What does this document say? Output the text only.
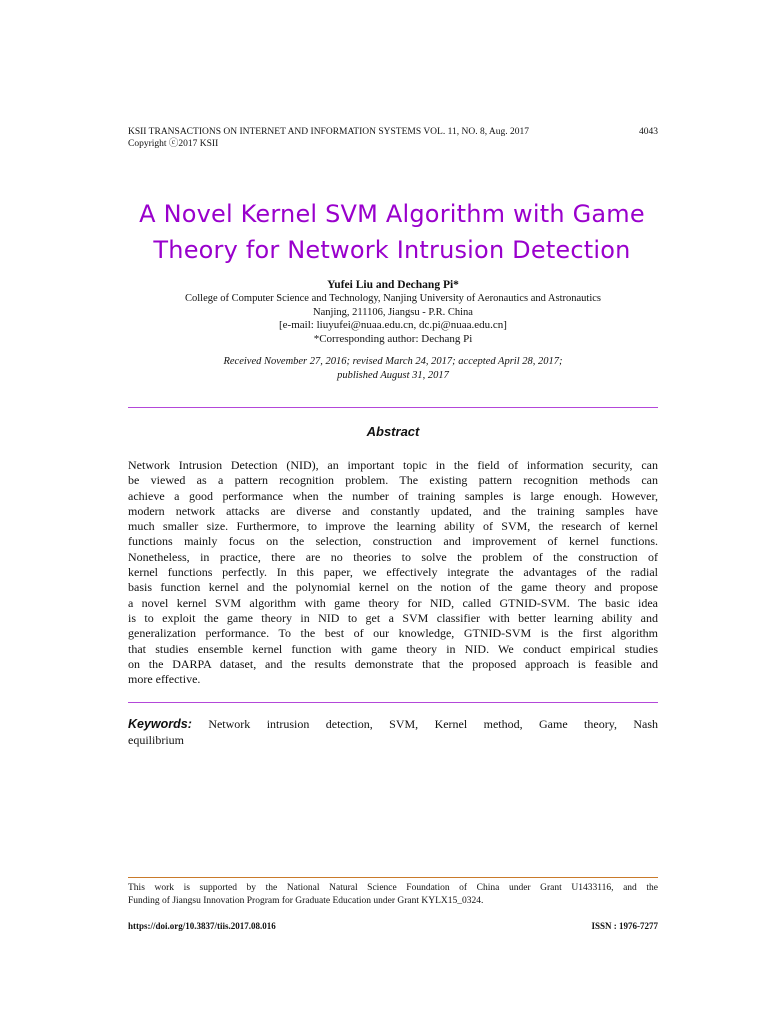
KSII TRANSACTIONS ON INTERNET AND INFORMATION SYSTEMS VOL. 11, NO. 8, Aug. 2017
Copyright ⓒ2017 KSII
4043
A Novel Kernel SVM Algorithm with Game
Theory for Network Intrusion Detection
Yufei Liu and Dechang Pi*
College of Computer Science and Technology, Nanjing University of Aeronautics and Astronautics
Nanjing, 211106, Jiangsu - P.R. China
[e-mail: liuyufei@nuaa.edu.cn, dc.pi@nuaa.edu.cn]
*Corresponding author: Dechang Pi
Received November 27, 2016; revised March 24, 2017; accepted April 28, 2017;
published August 31, 2017
Abstract
Network Intrusion Detection (NID), an important topic in the field of information security, can
be viewed as a pattern recognition problem. The existing pattern recognition methods can
achieve a good performance when the number of training samples is large enough. However,
modern network attacks are diverse and constantly updated, and the training samples have
much smaller size. Furthermore, to improve the learning ability of SVM, the research of kernel
functions mainly focus on the selection, construction and improvement of kernel functions.
Nonetheless, in practice, there are no theories to solve the problem of the construction of
kernel functions perfectly. In this paper, we effectively integrate the advantages of the radial
basis function kernel and the polynomial kernel on the notion of the game theory and propose
a novel kernel SVM algorithm with game theory for NID, called GTNID-SVM. The basic idea
is to exploit the game theory in NID to get a SVM classifier with better learning ability and
generalization performance. To the best of our knowledge, GTNID-SVM is the first algorithm
that studies ensemble kernel function with game theory in NID. We conduct empirical studies
on the DARPA dataset, and the results demonstrate that the proposed approach is feasible and
more effective.
Keywords: Network intrusion detection, SVM, Kernel method, Game theory, Nash
equilibrium
This work is supported by the National Natural Science Foundation of China under Grant U1433116, and the
Funding of Jiangsu Innovation Program for Graduate Education under Grant KYLX15_0324.
https://doi.org/10.3837/tiis.2017.08.016	ISSN : 1976-7277
